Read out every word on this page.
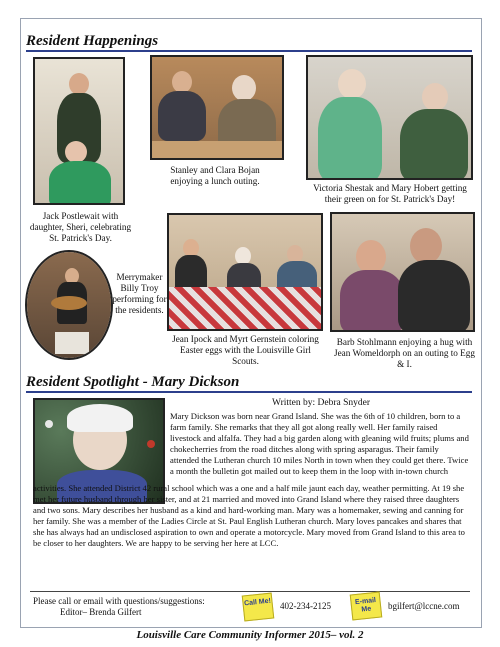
Resident Happenings
Jack Postlewait with daughter, Sheri, celebrating St. Patrick's Day.
Stanley and Clara Bojan enjoying a lunch outing.
Victoria Shestak and Mary Hobert getting their green on for St. Patrick's Day!
Merrymaker Billy Troy performing for the residents.
Jean Ipock and Myrt Gernstein coloring Easter eggs with the Louisville Girl Scouts.
Barb Stohlmann enjoying a hug with Jean Womeldorph on an outing to Egg & I.
Resident Spotlight - Mary Dickson
Written by: Debra Snyder
Mary Dickson was born near Grand Island. She was the 6th of 10 children, born to a farm family. She remarks that they all got along really well. Her family raised livestock and alfalfa. They had a big garden along with gleaning wild fruits; plums and chokecherries from the road ditches along with spring asparagus. Their family attended the Lutheran church 10 miles North in town when they could get there. Twice a month the bulletin got mailed out to keep them in the loop with in-town church
activities. She attended District 42 rural school which was a one and a half mile jaunt each day, weather permitting. At 19 she met her future husband through her sister, and at 21 married and moved into Grand Island where they raised three daughters and two sons. Mary describes her husband as a kind and hard-working man. Mary was a homemaker, sewing and canning for her family. She was a member of the Ladies Circle at St. Paul English Lutheran church. Mary loves pancakes and shares that she has always had an undisclosed aspiration to own and operate a motorcycle. Mary moved from Grand Island to this area to be closer to her daughters. We are happy to be serving her here at LCC.
Please call or email with questions/suggestions:
Editor– Brenda Gilfert
Call Me! 402-234-2125	E-mail Me	bgilfert@lccne.com
Louisville Care Community Informer 2015– vol. 2
